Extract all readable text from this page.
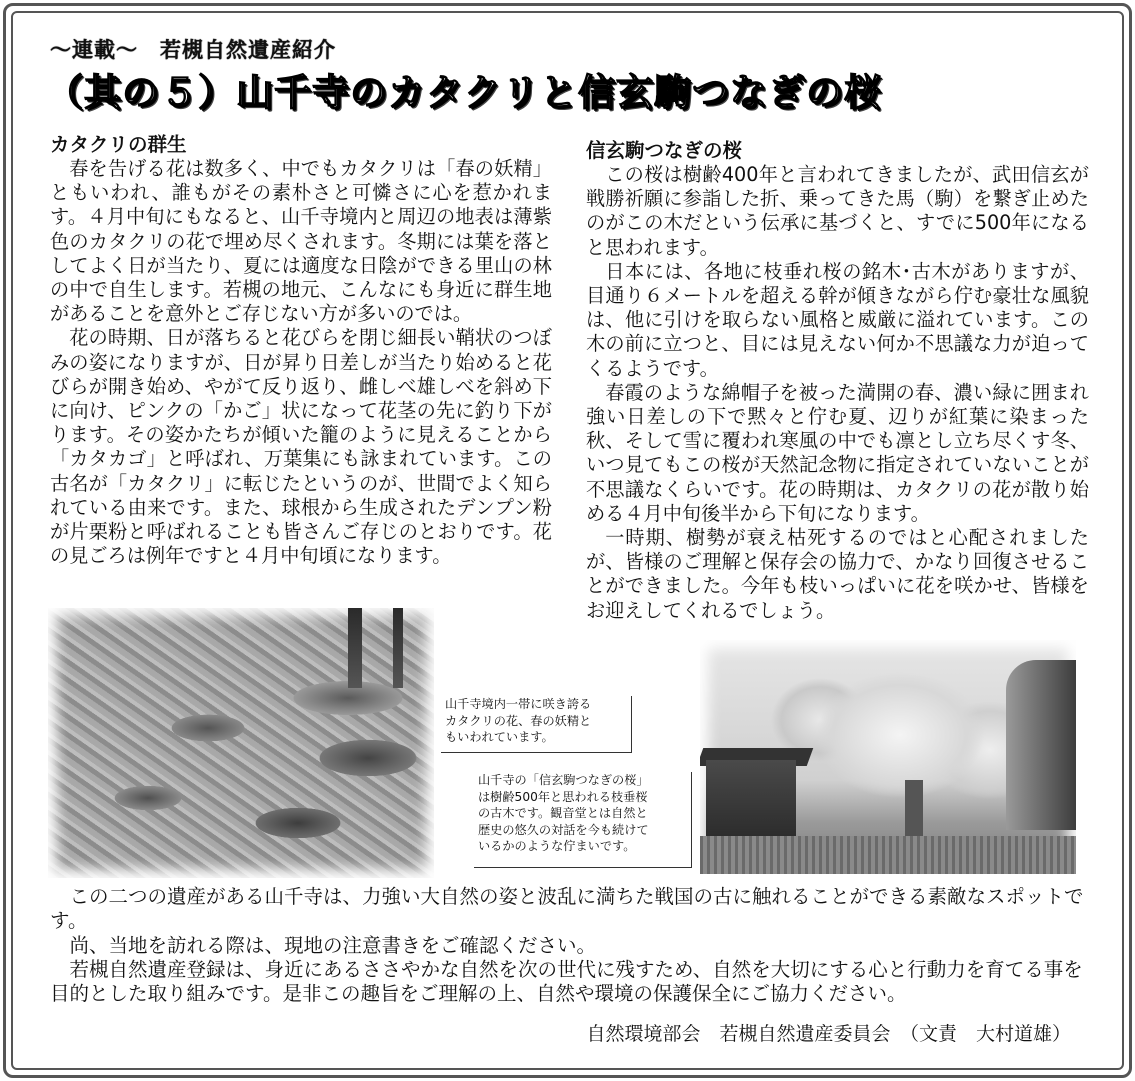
～連載～　若槻自然遺産紹介
（其の５）山千寺のカタクリと信玄駒つなぎの桜
カタクリの群生

春を告げる花は数多く、中でもカタクリは「春の妖精」ともいわれ、誰もがその素朴さと可憐さに心を惹かれます。４月中旬にもなると、山千寺境内と周辺の地表は薄紫色のカタクリの花で埋め尽くされます。冬期には葉を落としてよく日が当たり、夏には適度な日陰ができる里山の林の中で自生します。若槻の地元、こんなにも身近に群生地があることを意外とご存じない方が多いのでは。

花の時期、日が落ちると花びらを閉じ細長い鞘状のつぼみの姿になりますが、日が昇り日差しが当たり始めると花びらが開き始め、やがて反り返り、雌しべ雄しべを斜め下に向け、ピンクの「かご」状になって花茎の先に釣り下がります。その姿かたちが傾いた籠のように見えることから「カタカゴ」と呼ばれ、万葉集にも詠まれています。この古名が「カタクリ」に転じたというのが、世間でよく知られている由来です。また、球根から生成されたデンプン粉が片栗粉と呼ばれることも皆さんご存じのとおりです。花の見ごろは例年ですと４月中旬頃になります。

信玄駒つなぎの桜

この桜は樹齢400年と言われてきましたが、武田信玄が戦勝祈願に参詣した折、乗ってきた馬（駒）を繋ぎ止めたのがこの木だという伝承に基づくと、すでに500年になると思われます。

日本には、各地に枝垂れ桜の銘木･古木がありますが、目通り６メートルを超える幹が傾きながら佇む豪壮な風貌は、他に引けを取らない風格と威厳に溢れています。この木の前に立つと、目には見えない何か不思議な力が迫ってくるようです。

春霞のような綿帽子を被った満開の春、濃い緑に囲まれ強い日差しの下で黙々と佇む夏、辺りが紅葉に染まった秋、そして雪に覆われ寒風の中でも凛とし立ち尽くす冬、いつ見てもこの桜が天然記念物に指定されていないことが不思議なくらいです。花の時期は、カタクリの花が散り始める４月中旬後半から下旬になります。

一時期、樹勢が衰え枯死するのではと心配されましたが、皆様のご理解と保存会の協力で、かなり回復させることができました。今年も枝いっぱいに花を咲かせ、皆様をお迎えしてくれるでしょう。

山千寺境内一帯に咲き誇る
カタクリの花、春の妖精と
もいわれています。
山千寺の「信玄駒つなぎの桜」
は樹齢500年と思われる枝垂桜
の古木です。観音堂とは自然と
歴史の悠久の対話を今も続けて
いるかのような佇まいです。

この二つの遺産がある山千寺は、力強い大自然の姿と波乱に満ちた戦国の古に触れることができる素敵なスポットです。

尚、当地を訪れる際は、現地の注意書きをご確認ください。

若槻自然遺産登録は、身近にあるささやかな自然を次の世代に残すため、自然を大切にする心と行動力を育てる事を目的とした取り組みです。是非この趣旨をご理解の上、自然や環境の保護保全にご協力ください。

自然環境部会　若槻自然遺産委員会　（文責　大村道雄）
